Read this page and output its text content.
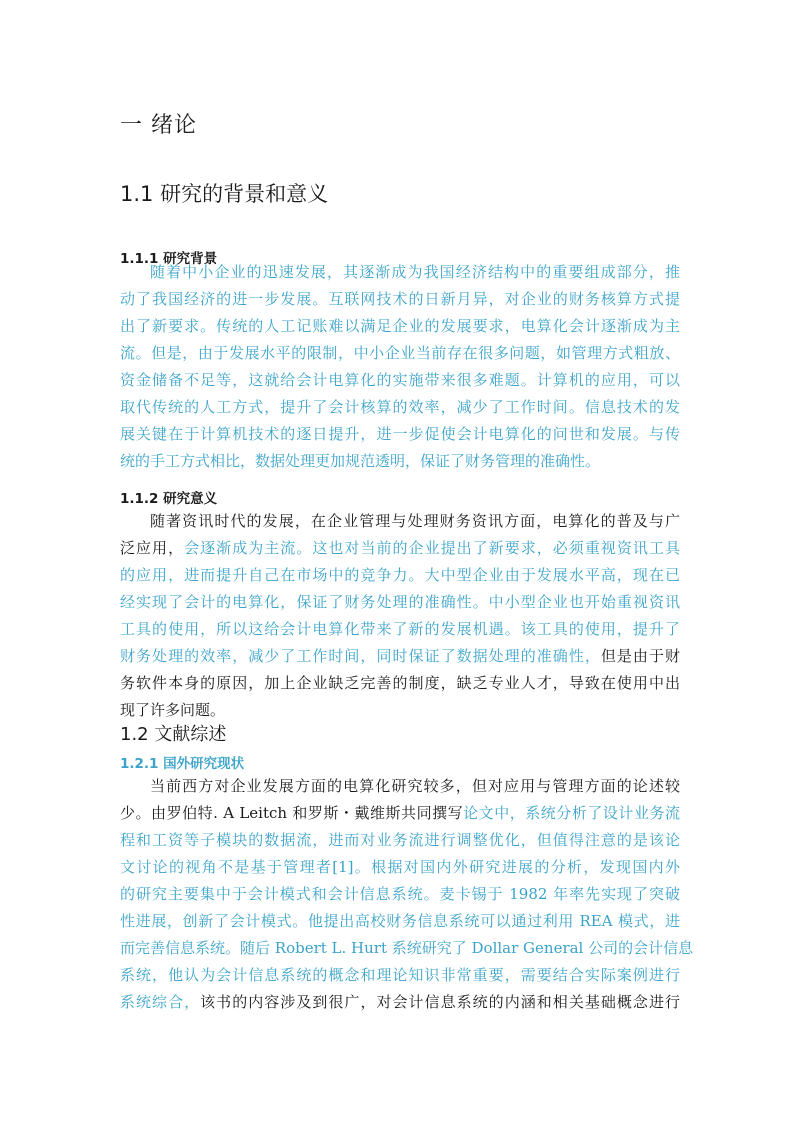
一 绪论
1.1 研究的背景和意义
1.1.1 研究背景
随着中小企业的迅速发展，其逐渐成为我国经济结构中的重要组成部分，推
动了我国经济的进一步发展。互联网技术的日新月异，对企业的财务核算方式提
出了新要求。传统的人工记账难以满足企业的发展要求，电算化会计逐渐成为主
流。但是，由于发展水平的限制，中小企业当前存在很多问题，如管理方式粗放、
资金储备不足等，这就给会计电算化的实施带来很多难题。计算机的应用，可以
取代传统的人工方式，提升了会计核算的效率，减少了工作时间。信息技术的发
展关键在于计算机技术的逐日提升，进一步促使会计电算化的问世和发展。与传
统的手工方式相比，数据处理更加规范透明，保证了财务管理的准确性。
1.1.2 研究意义
随著资讯时代的发展，在企业管理与处理财务资讯方面，电算化的普及与广
泛应用，会逐渐成为主流。这也对当前的企业提出了新要求，必须重视资讯工具
的应用，进而提升自己在市场中的竞争力。大中型企业由于发展水平高，现在已
经实现了会计的电算化，保证了财务处理的准确性。中小型企业也开始重视资讯
工具的使用，所以这给会计电算化带来了新的发展机遇。该工具的使用，提升了
财务处理的效率，减少了工作时间，同时保证了数据处理的准确性，但是由于财
务软件本身的原因，加上企业缺乏完善的制度，缺乏专业人才，导致在使用中出
现了许多问题。
1.2 文献综述
1.2.1 国外研究现状
当前西方对企业发展方面的电算化研究较多，但对应用与管理方面的论述较
少。由罗伯特. A Leitch 和罗斯・戴维斯共同撰写论文中，系统分析了设计业务流
程和工资等子模块的数据流，进而对业务流进行调整优化，但值得注意的是该论
文讨论的视角不是基于管理者[1]。根据对国内外研究进展的分析，发现国内外
的研究主要集中于会计模式和会计信息系统。麦卡锡于 1982 年率先实现了突破
性进展，创新了会计模式。他提出高校财务信息系统可以通过利用 REA 模式，进
而完善信息系统。随后 Robert L. Hurt 系统研究了 Dollar General 公司的会计信息
系统，他认为会计信息系统的概念和理论知识非常重要，需要结合实际案例进行
系统综合，该书的内容涉及到很广，对会计信息系统的内涵和相关基础概念进行
